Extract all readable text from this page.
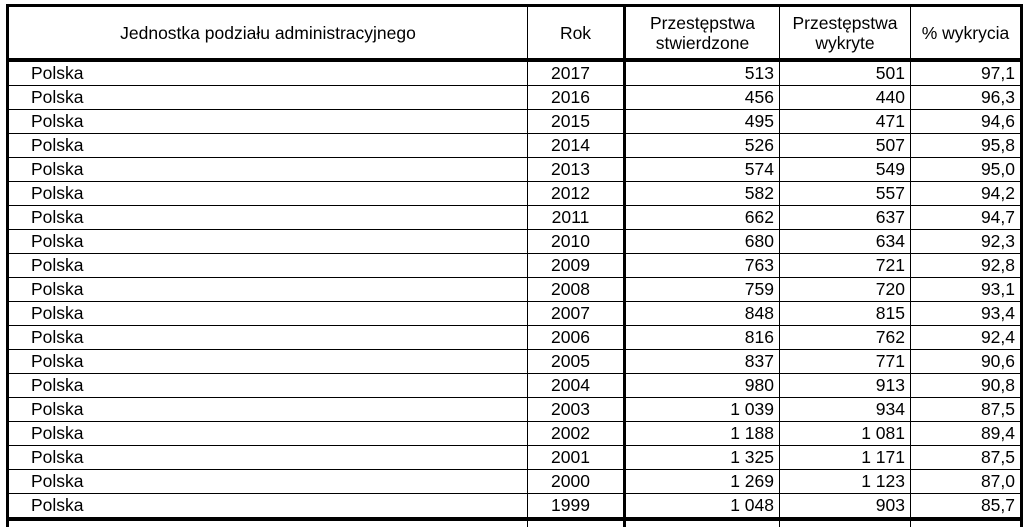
Jednostka podziału administracyjnego	Rok	Przestępstwa stwierdzone	Przestępstwa wykryte	% wykrycia
Polska	2017	513	501	97,1
Polska	2016	456	440	96,3
Polska	2015	495	471	94,6
Polska	2014	526	507	95,8
Polska	2013	574	549	95,0
Polska	2012	582	557	94,2
Polska	2011	662	637	94,7
Polska	2010	680	634	92,3
Polska	2009	763	721	92,8
Polska	2008	759	720	93,1
Polska	2007	848	815	93,4
Polska	2006	816	762	92,4
Polska	2005	837	771	90,6
Polska	2004	980	913	90,8
Polska	2003	1 039	934	87,5
Polska	2002	1 188	1 081	89,4
Polska	2001	1 325	1 171	87,5
Polska	2000	1 269	1 123	87,0
Polska	1999	1 048	903	85,7
